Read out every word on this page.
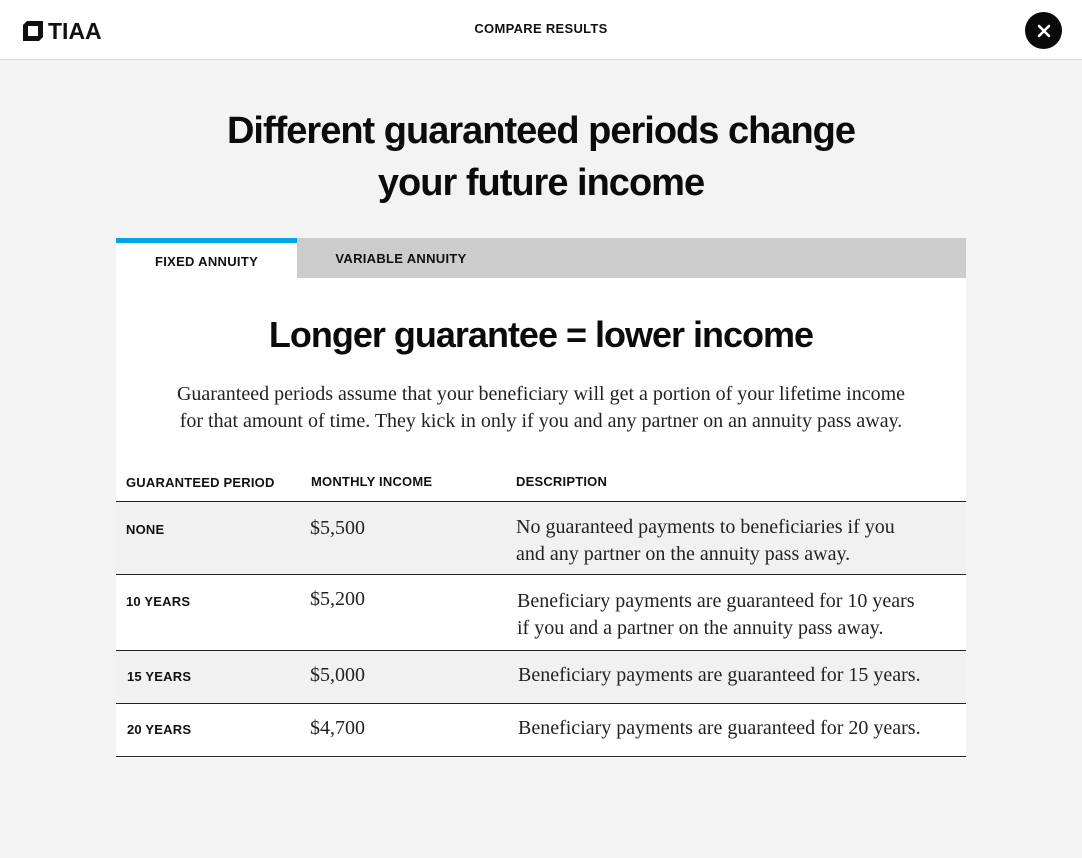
TIAA	COMPARE RESULTS
Different guaranteed periods change
your future income
FIXED ANNUITY	VARIABLE ANNUITY
Longer guarantee = lower income
Guaranteed periods assume that your beneficiary will get a portion of your lifetime income
for that amount of time. They kick in only if you and any partner on an annuity pass away.
GUARANTEED PERIOD	MONTHLY INCOME	DESCRIPTION
NONE	$5,500	No guaranteed payments to beneficiaries if you
and any partner on the annuity pass away.
10 YEARS	$5,200	Beneficiary payments are guaranteed for 10 years
if you and a partner on the annuity pass away.
15 YEARS	$5,000	Beneficiary payments are guaranteed for 15 years.
20 YEARS	$4,700	Beneficiary payments are guaranteed for 20 years.
